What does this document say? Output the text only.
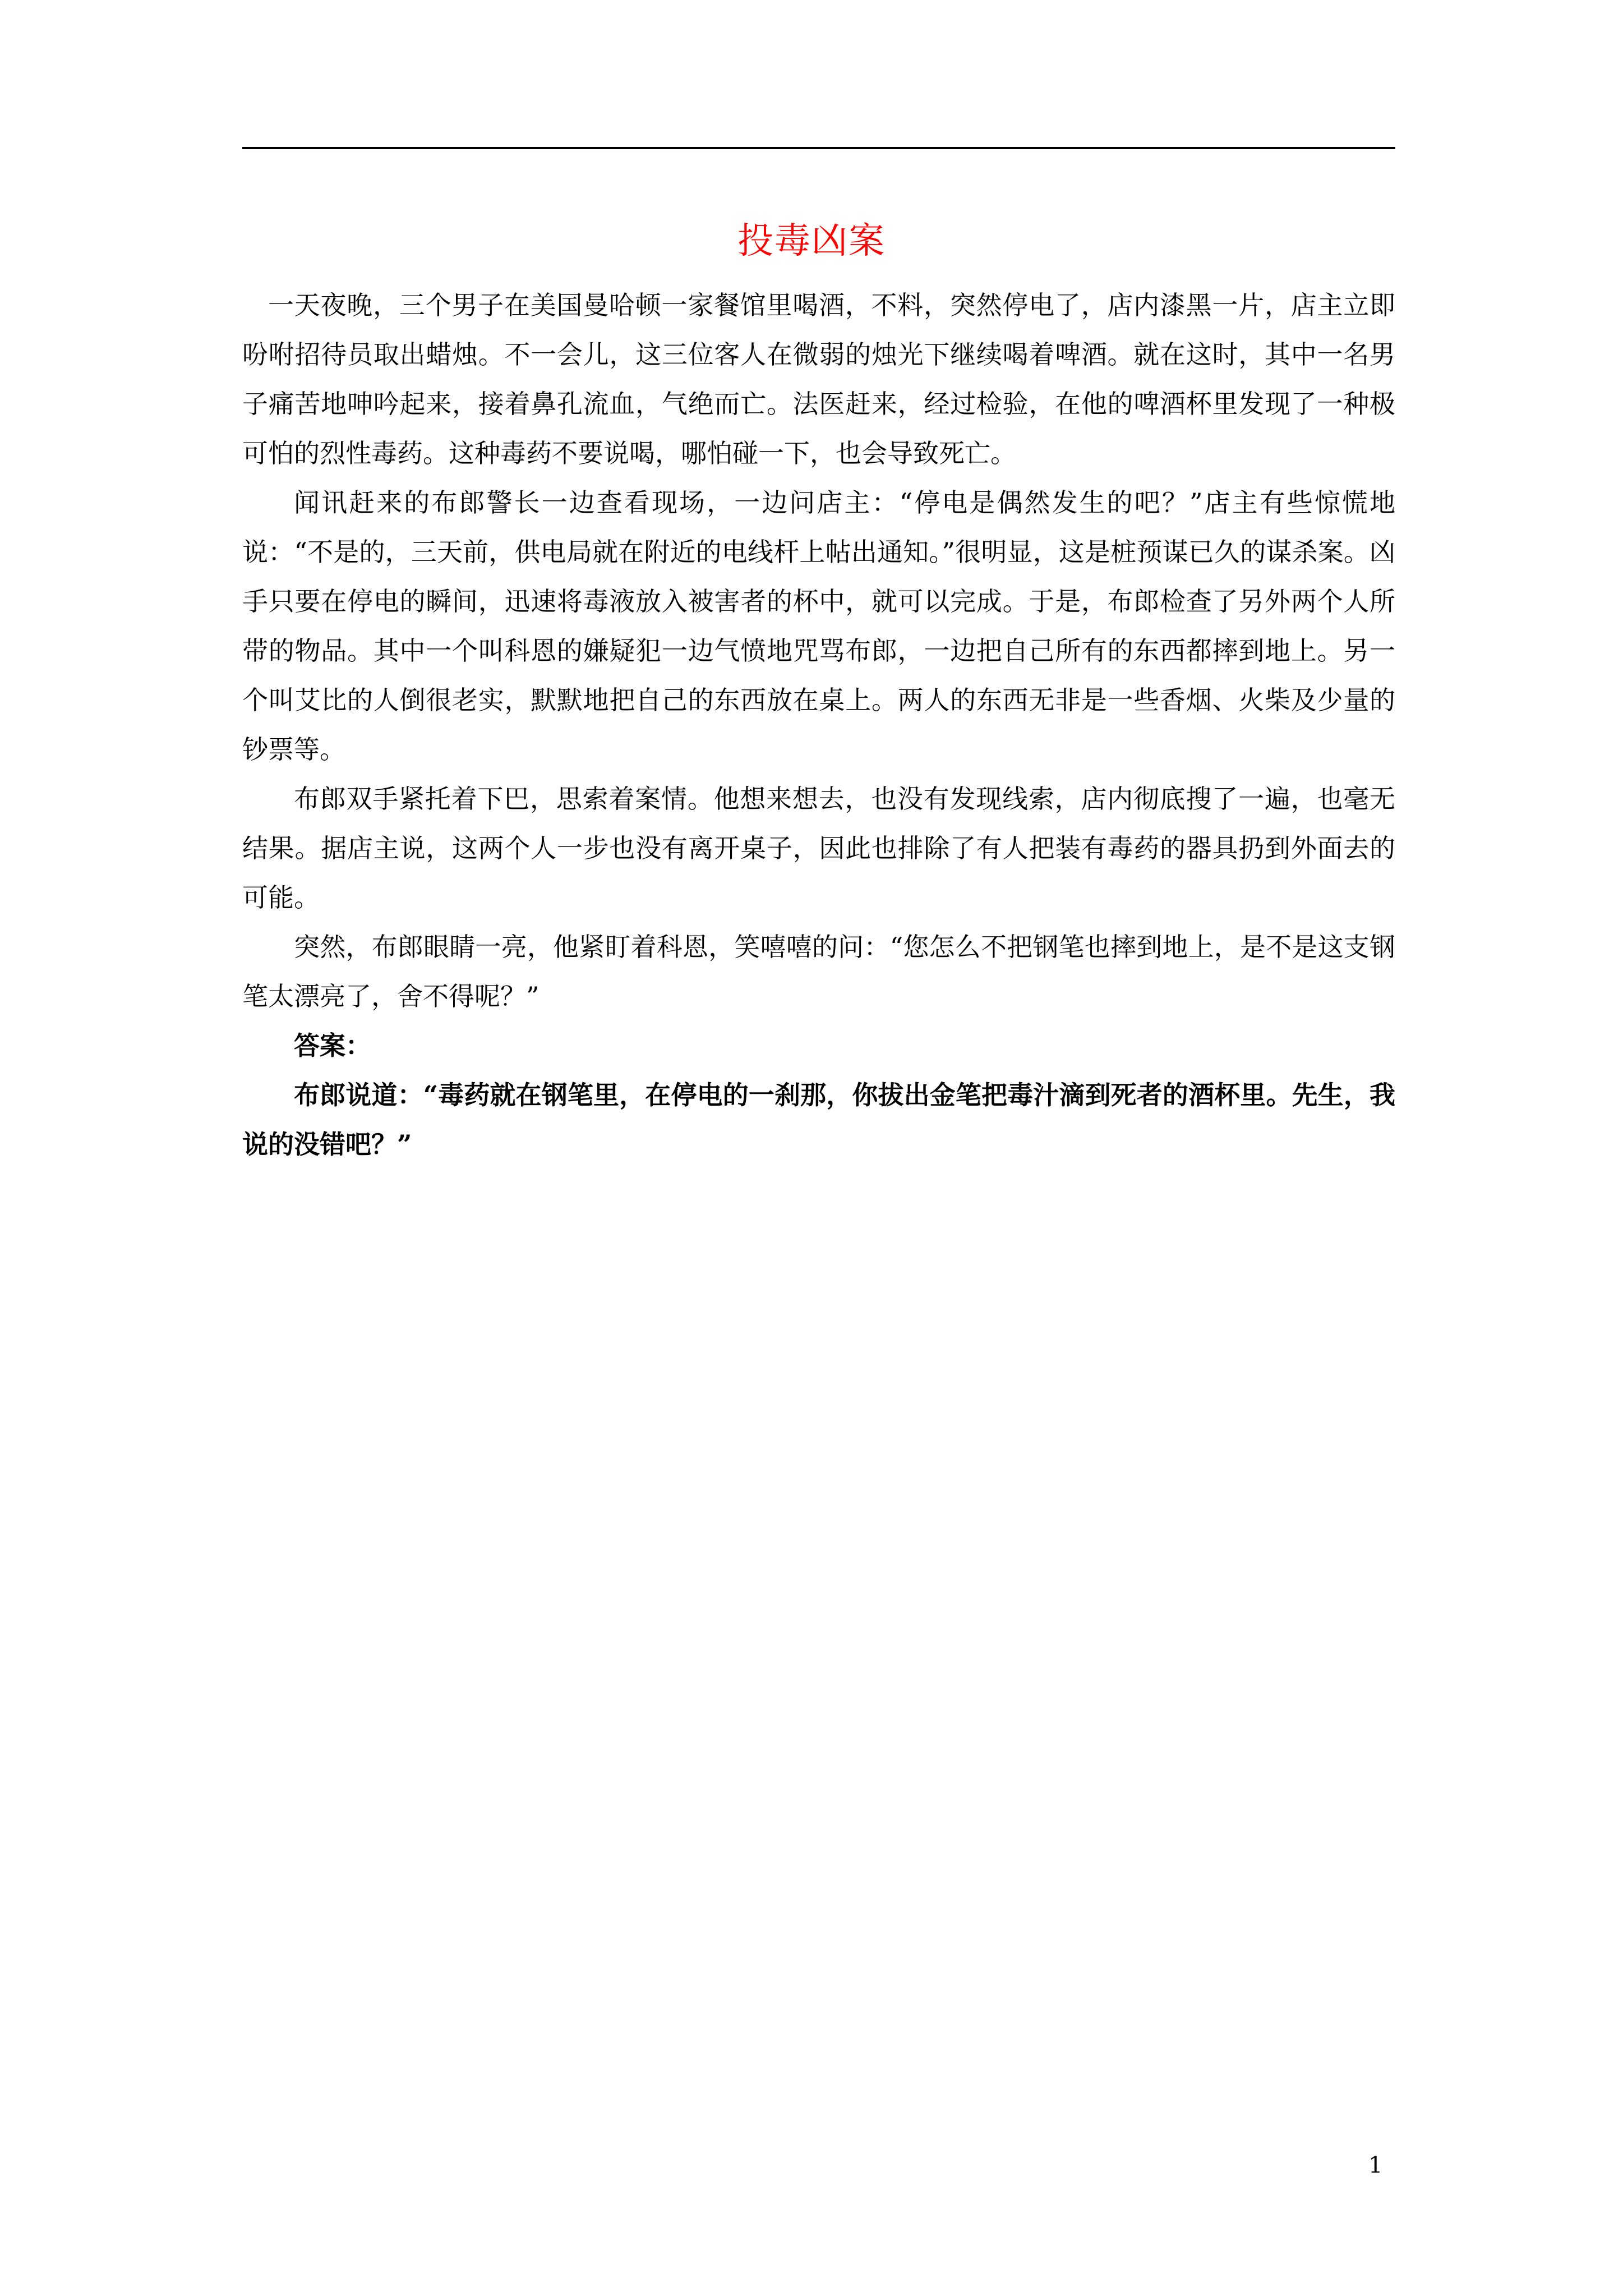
投毒凶案

一天夜晚，三个男子在美国曼哈顿一家餐馆里喝酒，不料，突然停电了，店内漆黑一片，店主立即吩咐招待员取出蜡烛。不一会儿，这三位客人在微弱的烛光下继续喝着啤酒。就在这时，其中一名男子痛苦地呻吟起来，接着鼻孔流血，气绝而亡。法医赶来，经过检验，在他的啤酒杯里发现了一种极可怕的烈性毒药。这种毒药不要说喝，哪怕碰一下，也会导致死亡。

闻讯赶来的布郎警长一边查看现场，一边问店主：“停电是偶然发生的吧？”店主有些惊慌地说：“不是的，三天前，供电局就在附近的电线杆上帖出通知。”很明显，这是桩预谋已久的谋杀案。凶手只要在停电的瞬间，迅速将毒液放入被害者的杯中，就可以完成。于是，布郎检查了另外两个人所带的物品。其中一个叫科恩的嫌疑犯一边气愤地咒骂布郎，一边把自己所有的东西都摔到地上。另一个叫艾比的人倒很老实，默默地把自己的东西放在桌上。两人的东西无非是一些香烟、火柴及少量的钞票等。

布郎双手紧托着下巴，思索着案情。他想来想去，也没有发现线索，店内彻底搜了一遍，也毫无结果。据店主说，这两个人一步也没有离开桌子，因此也排除了有人把装有毒药的器具扔到外面去的可能。

突然，布郎眼睛一亮，他紧盯着科恩，笑嘻嘻的问：“您怎么不把钢笔也摔到地上，是不是这支钢笔太漂亮了，舍不得呢？”

答案：

布郎说道：“毒药就在钢笔里，在停电的一刹那，你拔出金笔把毒汁滴到死者的酒杯里。先生，我说的没错吧？”

1
